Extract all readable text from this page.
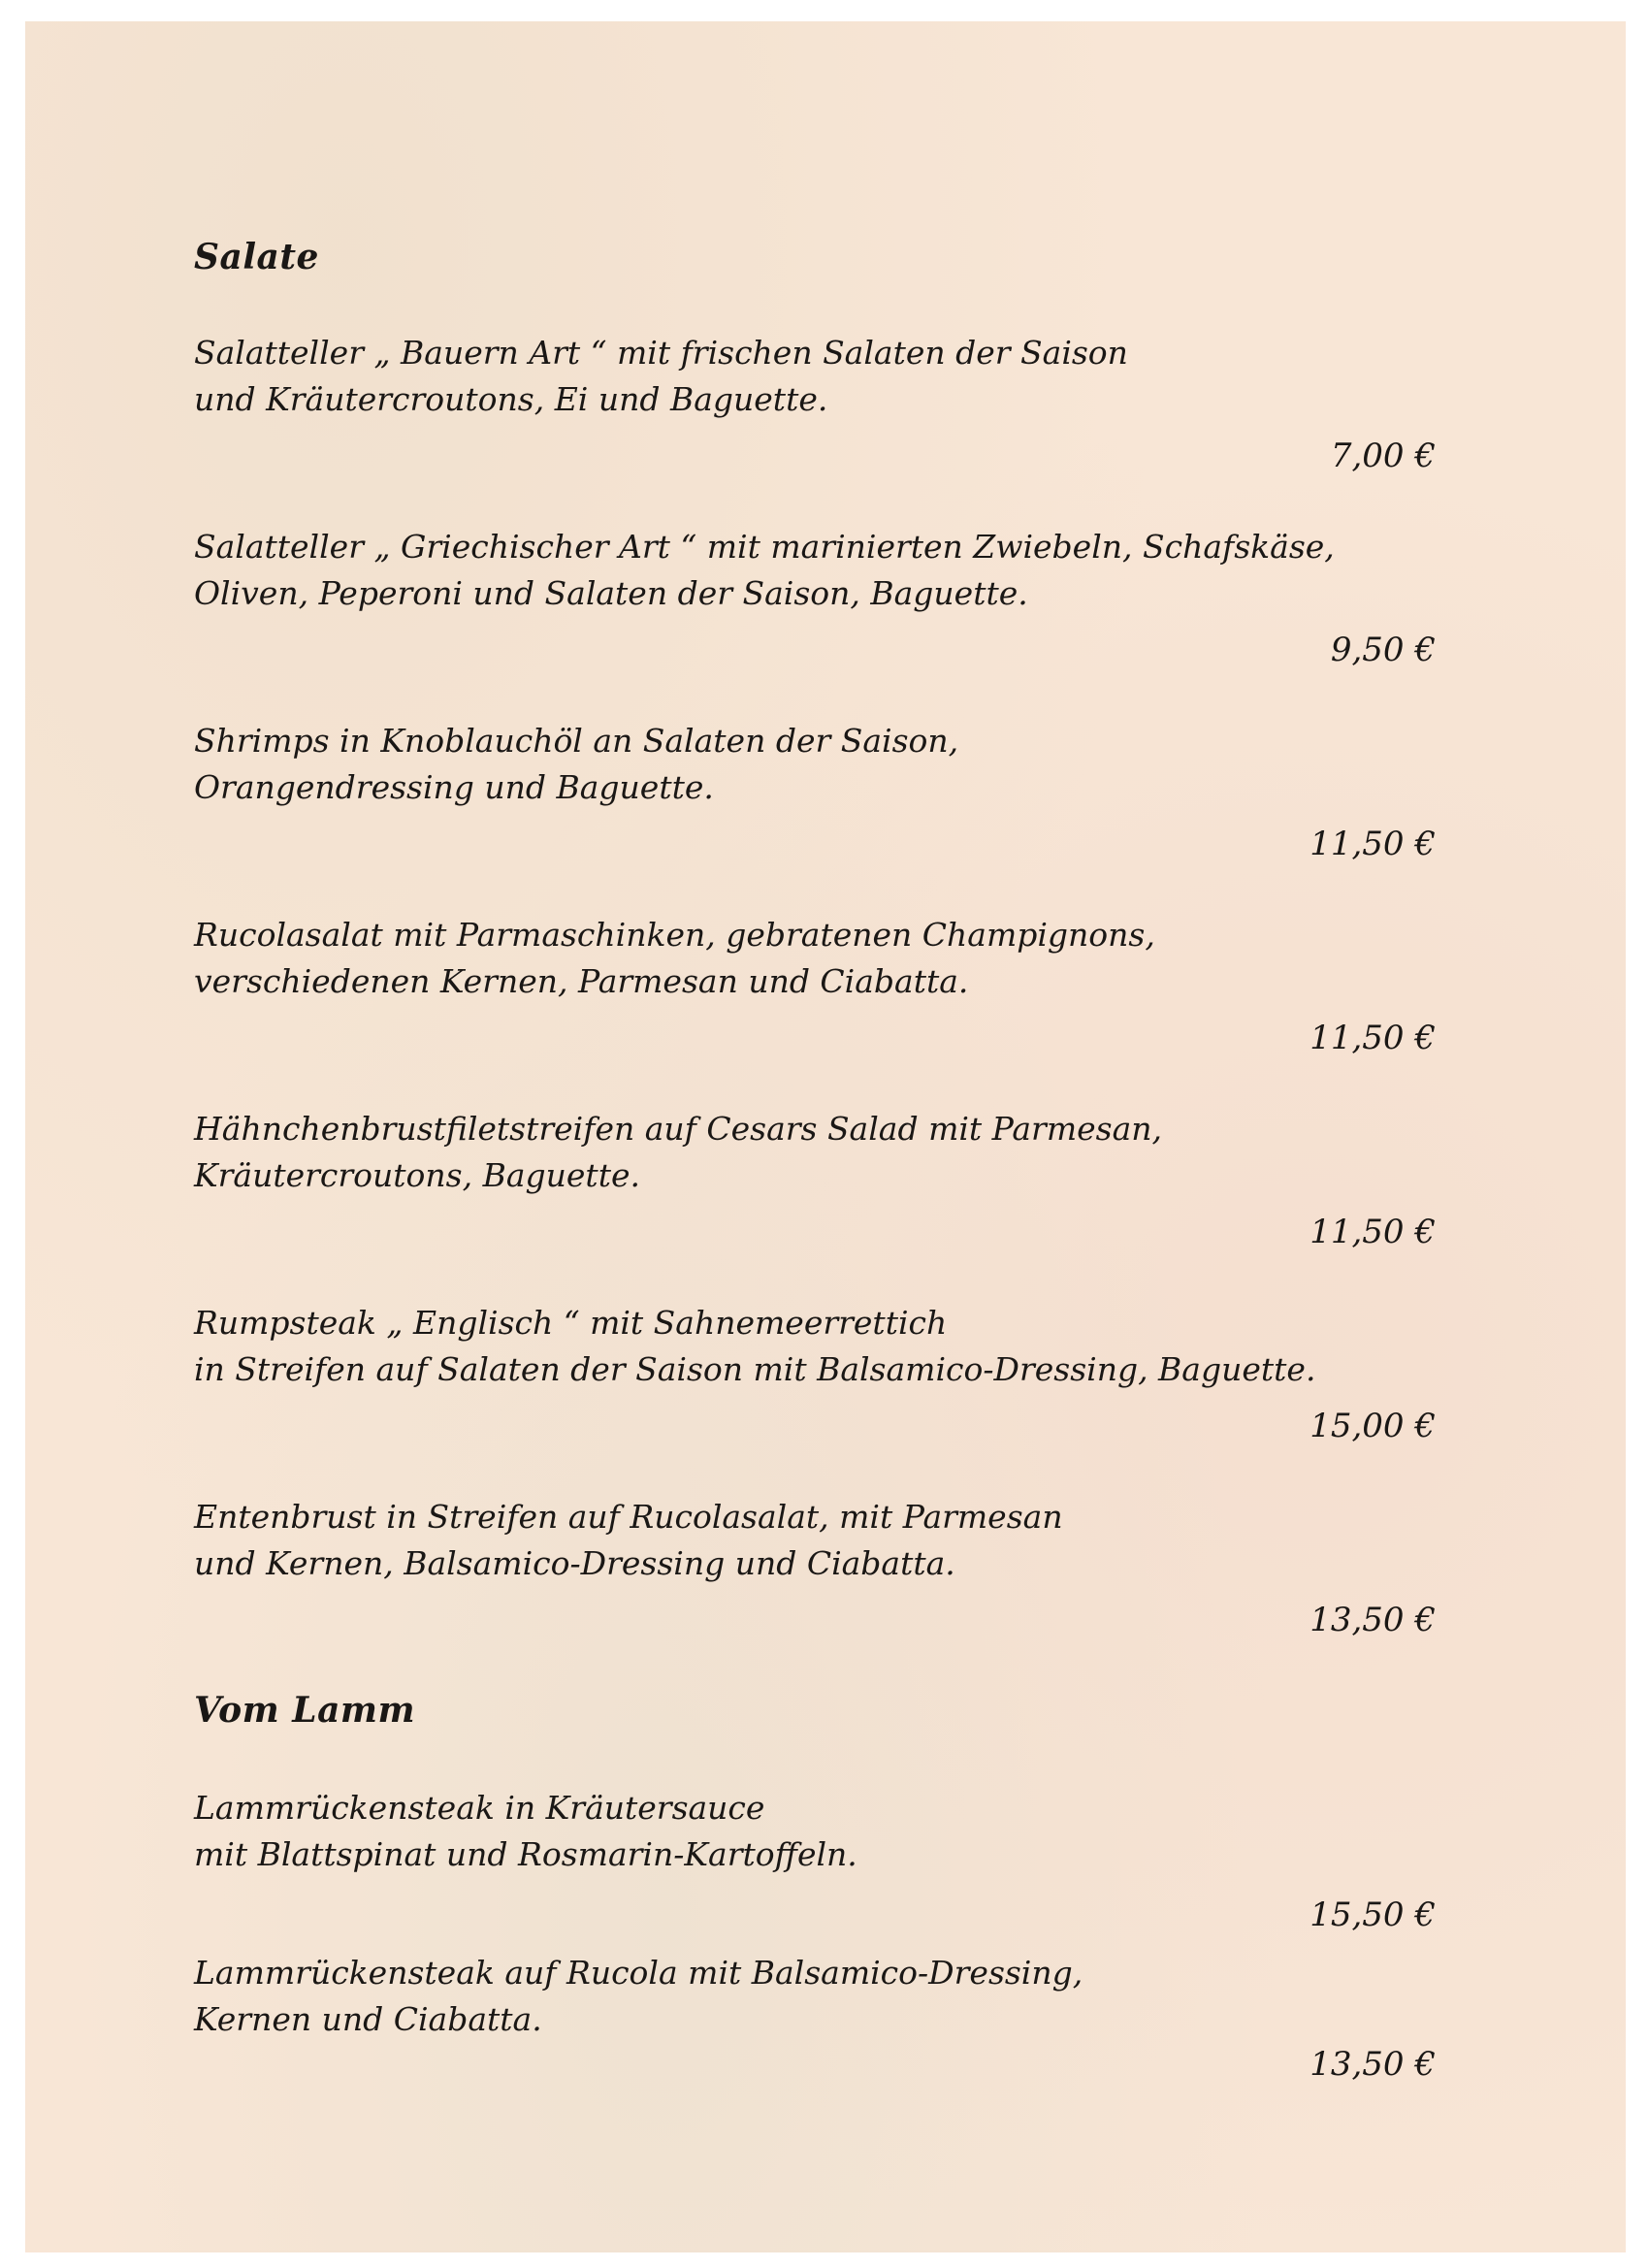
Salate
Salatteller „ Bauern Art “ mit frischen Salaten der Saison
und Kräutercroutons, Ei und Baguette.
7,00 €
Salatteller „ Griechischer Art “ mit marinierten Zwiebeln, Schafskäse,
Oliven, Peperoni und Salaten der Saison, Baguette.
9,50 €
Shrimps in Knoblauchöl an Salaten der Saison,
Orangendressing und Baguette.
11,50 €
Rucolasalat mit Parmaschinken, gebratenen Champignons,
verschiedenen Kernen, Parmesan und Ciabatta.
11,50 €
Hähnchenbrustfiletstreifen auf Cesars Salad mit Parmesan,
Kräutercroutons, Baguette.
11,50 €
Rumpsteak „ Englisch “ mit Sahnemeerrettich
in Streifen auf Salaten der Saison mit Balsamico-Dressing, Baguette.
15,00 €
Entenbrust in Streifen auf Rucolasalat, mit Parmesan
und Kernen, Balsamico-Dressing und Ciabatta.
13,50 €
Vom Lamm
Lammrückensteak in Kräutersauce
mit Blattspinat und Rosmarin-Kartoffeln.
15,50 €
Lammrückensteak auf Rucola mit Balsamico-Dressing,
Kernen und Ciabatta.
13,50 €
